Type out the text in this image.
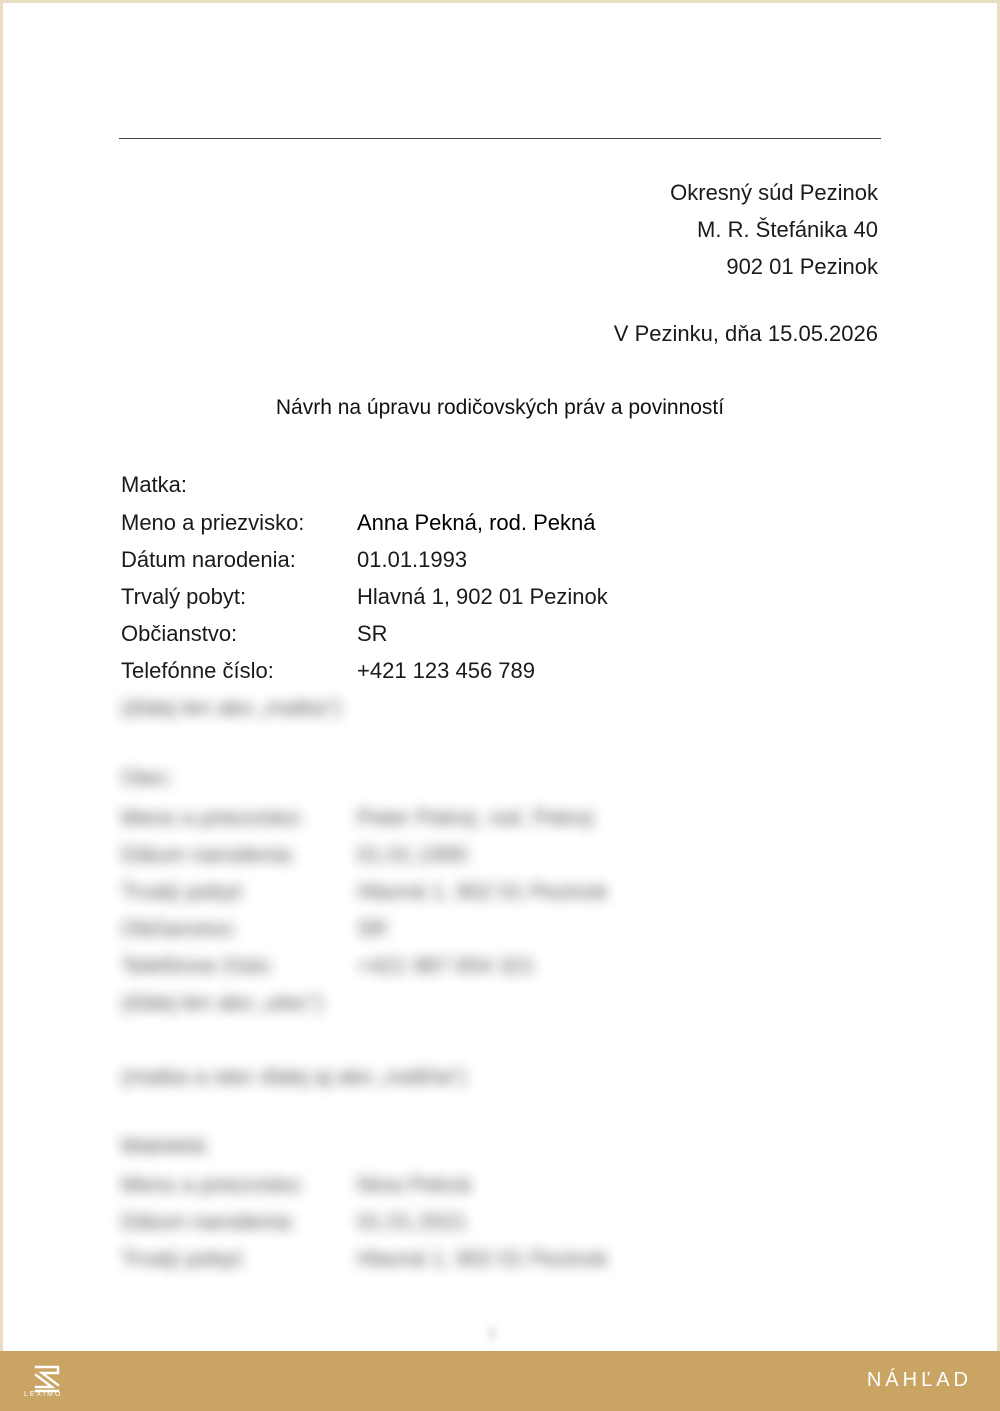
Okresný súd Pezinok
M. R. Štefánika 40
902 01 Pezinok
V Pezinku, dňa 15.05.2026
Návrh na úpravu rodičovských práv a povinností
Matka:
Meno a priezvisko: Anna Pekná, rod. Pekná
Dátum narodenia:	01.01.1993
Trvalý pobyt:	Hlavná 1, 902 01 Pezinok
Občianstvo:	SR
Telefónne číslo:	+421 123 456 789
(ďalej len ako „matka“)
Otec:
Meno a priezvisko: Peter Pekný, rod. Pekný
Dátum narodenia:	01.01.1990
Trvalý pobyt:	Hlavná 1, 902 01 Pezinok
Občianstvo:	SR
Telefónne číslo:	+421 987 654 321
(ďalej len ako „otec“)
(matka a otec ďalej aj ako „rodičia“)
Maloletá:
Meno a priezvisko: Nina Pekná
Dátum narodenia:	01.01.2021
Trvalý pobyt:	Hlavná 1, 902 01 Pezinok
1
LEXIMO
NÁHĽAD
